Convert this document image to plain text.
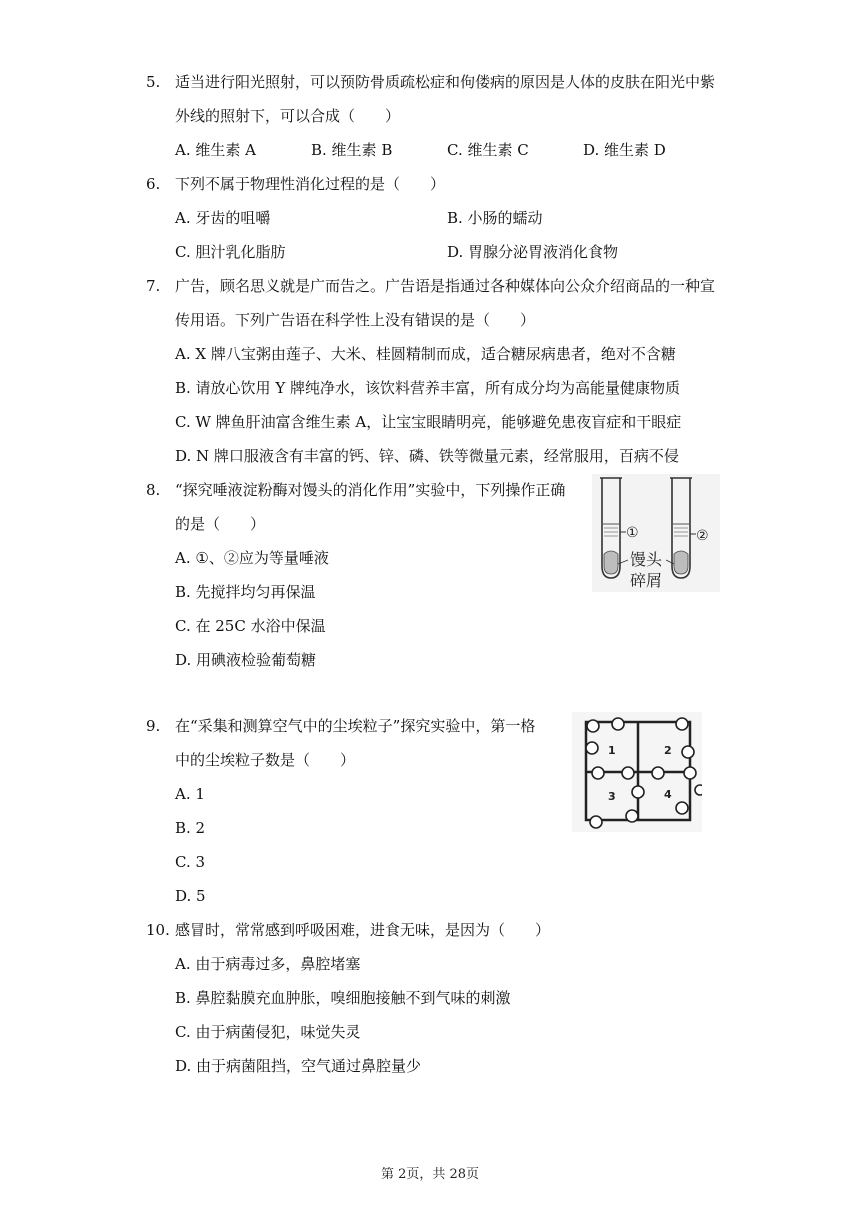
5. 适当进行阳光照射，可以预防骨质疏松症和佝偻病的原因是人体的皮肤在阳光中紫
外线的照射下，可以合成（　　）
A. 维生素 A	B. 维生素 B	C. 维生素 C	D. 维生素 D
6. 下列不属于物理性消化过程的是（　　）
A. 牙齿的咀嚼	B. 小肠的蠕动
C. 胆汁乳化脂肪	D. 胃腺分泌胃液消化食物
7. 广告，顾名思义就是广而告之。广告语是指通过各种媒体向公众介绍商品的一种宣
传用语。下列广告语在科学性上没有错误的是（　　）
A. X 牌八宝粥由莲子、大米、桂圆精制而成，适合糖尿病患者，绝对不含糖
B. 请放心饮用 Y 牌纯净水，该饮料营养丰富，所有成分均为高能量健康物质
C. W 牌鱼肝油富含维生素 A，让宝宝眼睛明亮，能够避免患夜盲症和干眼症
D. N 牌口服液含有丰富的钙、锌、磷、铁等微量元素，经常服用，百病不侵
8. “探究唾液淀粉酶对馒头的消化作用”实验中，下列操作正确
的是（　　）
A. ①、②应为等量唾液
B. 先搅拌均匀再保温
C. 在 25C 水浴中保温
D. 用碘液检验葡萄糖
①	②
馒头
碎屑
9. 在“采集和测算空气中的尘埃粒子”探究实验中，第一格
中的尘埃粒子数是（　　）
A. 1
B. 2
C. 3
D. 5
1	2
3	4
10. 感冒时，常常感到呼吸困难，进食无味，是因为（　　）
A. 由于病毒过多，鼻腔堵塞
B. 鼻腔黏膜充血肿胀，嗅细胞接触不到气味的刺激
C. 由于病菌侵犯，味觉失灵
D. 由于病菌阻挡，空气通过鼻腔量少
第 2页，共 28页
